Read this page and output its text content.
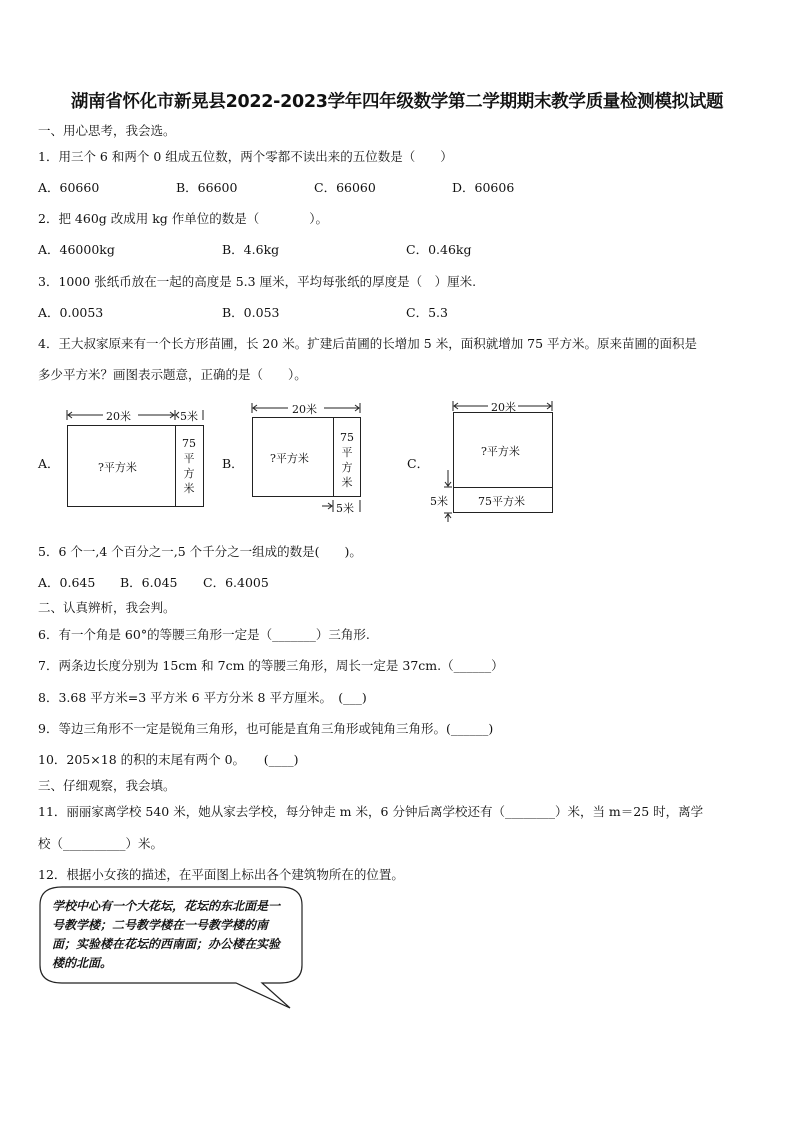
湖南省怀化市新晃县2022-2023学年四年级数学第二学期期末教学质量检测模拟试题
一、用心思考，我会选。
1．用三个 6 和两个 0 组成五位数，两个零都不读出来的五位数是（　　）
A．60660	B．66600	C．66060	D．60606
2．把 460g 改成用 kg 作单位的数是（　　　　）。
A．46000kg	B．4.6kg	C．0.46kg
3．1000 张纸币放在一起的高度是 5.3 厘米，平均每张纸的厚度是（　）厘米.
A．0.0053	B．0.053	C．5.3
4．王大叔家原来有一个长方形苗圃，长 20 米。扩建后苗圃的长增加 5 米，面积就增加 75 平方米。原来苗圃的面积是
多少平方米？画图表示题意，正确的是（　　）。
A．
20米	5米
?平方米
75
平
方
米
B．
20米
?平方米
75
平
方
米
5米
C．
20米
?平方米
75平方米
5米
5．6 个一,4 个百分之一,5 个千分之一组成的数是(　　)。
A．0.645 B．6.045 C．6.4005
二、认真辨析，我会判。
6．有一个角是 60°的等腰三角形一定是（_______）三角形.
7．两条边长度分别为 15cm 和 7cm 的等腰三角形，周长一定是 37cm.（______）
8．3.68 平方米=3 平方米 6 平方分米 8 平方厘米。　(___)
9．等边三角形不一定是锐角三角形，也可能是直角三角形或钝角三角形。(______)
10．205×18 的积的末尾有两个 0。　　(____)
三、仔细观察，我会填。
11．丽丽家离学校 540 米，她从家去学校，每分钟走 m 米，6 分钟后离学校还有（________）米，当 m＝25 时，离学
校（__________）米。
12．根据小女孩的描述，在平面图上标出各个建筑物所在的位置。
学校中心有一个大花坛，花坛的东北面是一号教学楼；二号教学楼在一号教学楼的南面；实验楼在花坛的西南面；办公楼在实验楼的北面。
